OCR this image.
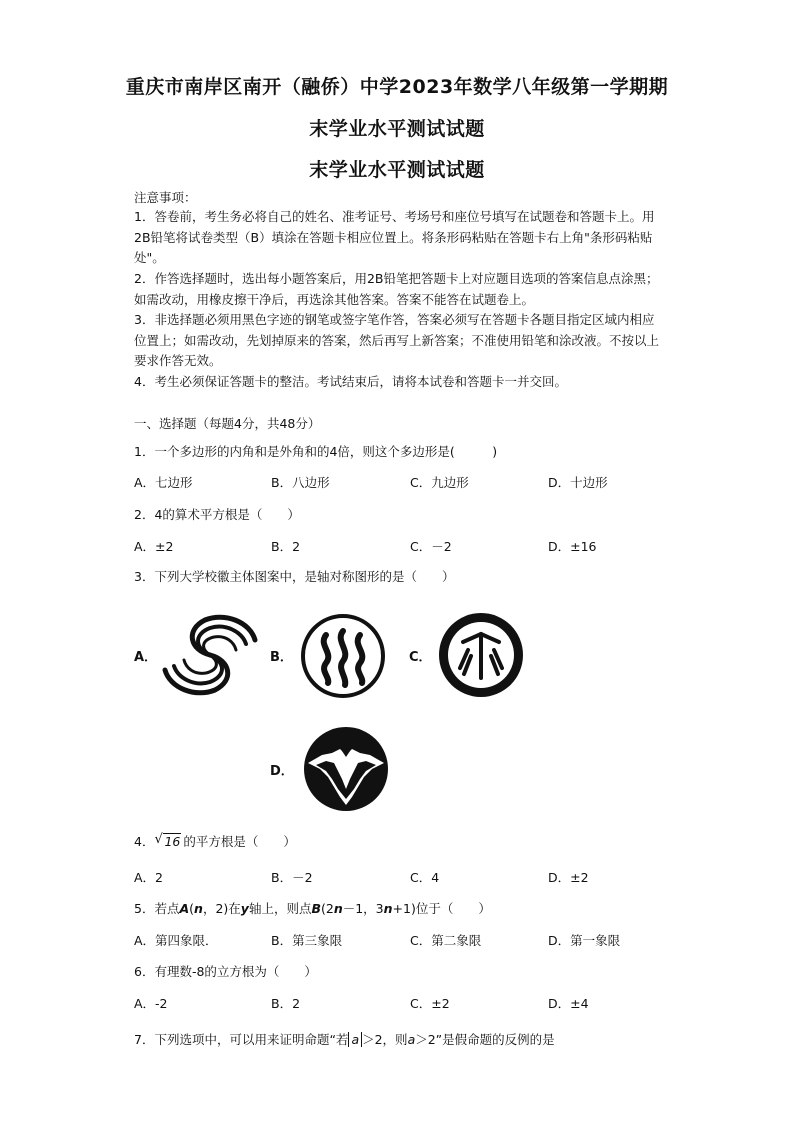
重庆市南岸区南开（融侨）中学2023年数学八年级第一学期期
末学业水平测试试题
末学业水平测试试题
注意事项：
1．答卷前，考生务必将自己的姓名、准考证号、考场号和座位号填写在试题卷和答题卡上。用2B铅笔将试卷类型（B）填涂在答题卡相应位置上。将条形码粘贴在答题卡右上角"条形码粘贴处"。
2．作答选择题时，选出每小题答案后，用2B铅笔把答题卡上对应题目选项的答案信息点涂黑；如需改动，用橡皮擦干净后，再选涂其他答案。答案不能答在试题卷上。
3．非选择题必须用黑色字迹的钢笔或签字笔作答，答案必须写在答题卡各题目指定区域内相应位置上；如需改动，先划掉原来的答案，然后再写上新答案；不准使用铅笔和涂改液。不按以上要求作答无效。
4．考生必须保证答题卡的整洁。考试结束后，请将本试卷和答题卡一并交回。
一、选择题（每题4分，共48分）
1．一个多边形的内角和是外角和的4倍，则这个多边形是(　　　)
A．七边形	B．八边形	C．九边形	D．十边形
2．4的算术平方根是（　　）
A．±2	B．2	C．－2	D．±16
3．下列大学校徽主体图案中，是轴对称图形的是（　　）
A．	B．	C．
D．
4． √ 16 的平方根是（　　）
A．2	B．－2	C．4	D．±2
5．若点A(n，2)在y轴上，则点B(2n－1，3n+1)位于（　　）
A．第四象限．	B．第三象限	C．第二象限	D．第一象限
6．有理数-8的立方根为（　　）
A．-2	B．2	C．±2	D．±4
7．下列选项中，可以用来证明命题“若 a ＞2，则a＞2”是假命题的反例的是
